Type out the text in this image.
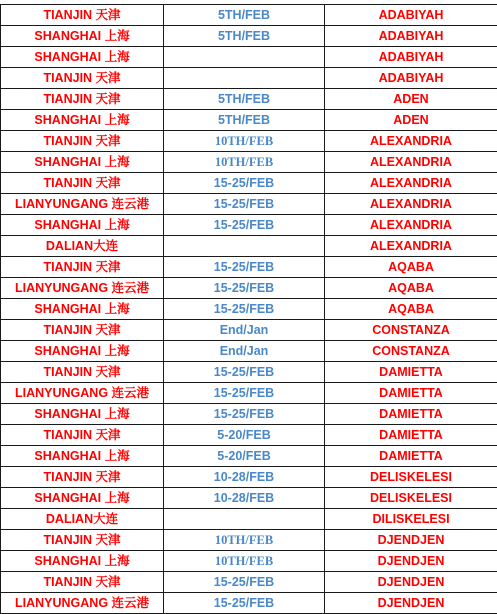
TIANJIN 天津	5TH/FEB	ADABIYAH
SHANGHAI 上海	5TH/FEB	ADABIYAH
SHANGHAI 上海		ADABIYAH
TIANJIN 天津		ADABIYAH
TIANJIN 天津	5TH/FEB	ADEN
SHANGHAI 上海	5TH/FEB	ADEN
TIANJIN 天津	10TH/FEB	ALEXANDRIA
SHANGHAI 上海	10TH/FEB	ALEXANDRIA
TIANJIN 天津	15-25/FEB	ALEXANDRIA
LIANYUNGANG 连云港	15-25/FEB	ALEXANDRIA
SHANGHAI 上海	15-25/FEB	ALEXANDRIA
DALIAN大连		ALEXANDRIA
TIANJIN 天津	15-25/FEB	AQABA
LIANYUNGANG 连云港	15-25/FEB	AQABA
SHANGHAI 上海	15-25/FEB	AQABA
TIANJIN 天津	End/Jan	CONSTANZA
SHANGHAI 上海	End/Jan	CONSTANZA
TIANJIN 天津	15-25/FEB	DAMIETTA
LIANYUNGANG 连云港	15-25/FEB	DAMIETTA
SHANGHAI 上海	15-25/FEB	DAMIETTA
TIANJIN 天津	5-20/FEB	DAMIETTA
SHANGHAI 上海	5-20/FEB	DAMIETTA
TIANJIN 天津	10-28/FEB	DELISKELESI
SHANGHAI 上海	10-28/FEB	DELISKELESI
DALIAN大连		DILISKELESI
TIANJIN 天津	10TH/FEB	DJENDJEN
SHANGHAI 上海	10TH/FEB	DJENDJEN
TIANJIN 天津	15-25/FEB	DJENDJEN
LIANYUNGANG 连云港	15-25/FEB	DJENDJEN
